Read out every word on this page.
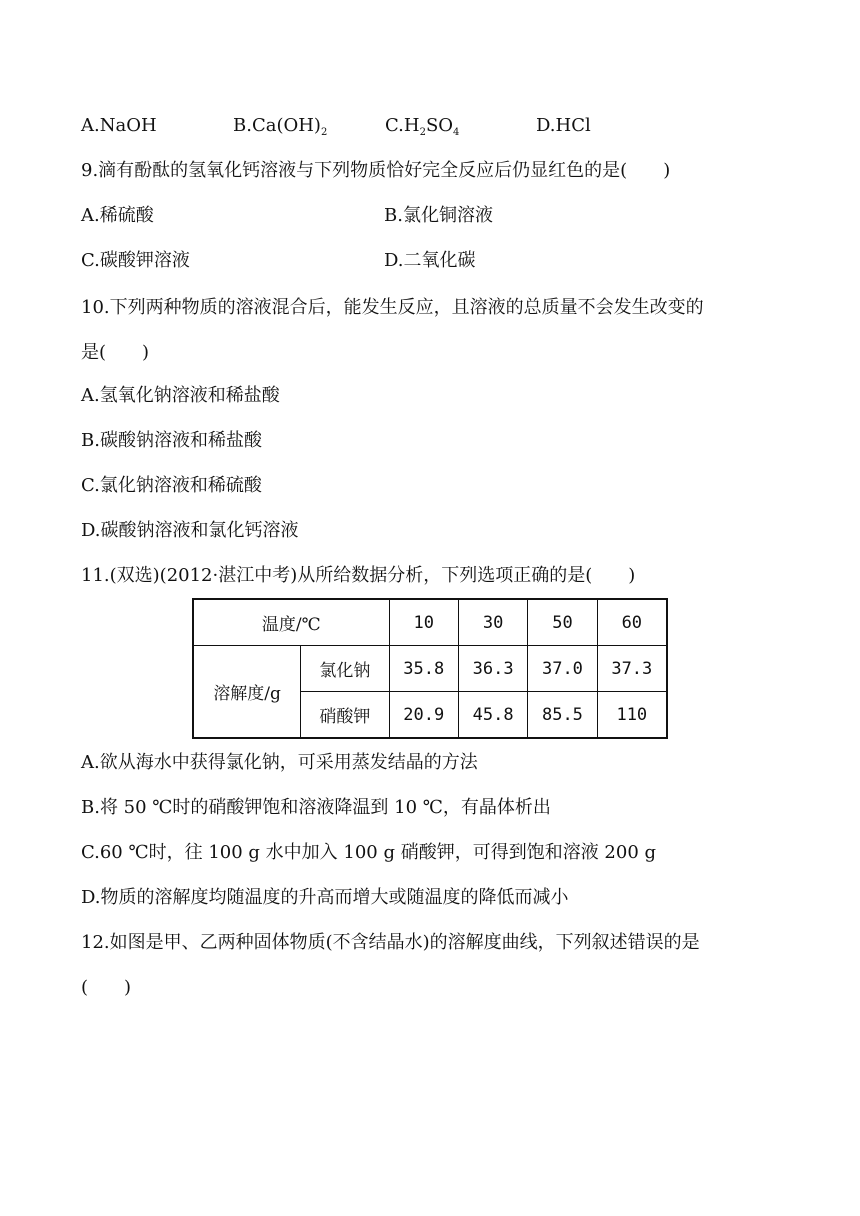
A.NaOH	$B.Ca(OH)_2$	$C.H_2SO_4$	D.HCl
9.滴有酚酞的氢氧化钙溶液与下列物质恰好完全反应后仍显红色的是(　　)
A.稀硫酸	B.氯化铜溶液
C.碳酸钾溶液	D.二氧化碳
10.下列两种物质的溶液混合后，能发生反应，且溶液的总质量不会发生改变的
是(　　)
A.氢氧化钠溶液和稀盐酸
B.碳酸钠溶液和稀盐酸
C.氯化钠溶液和稀硫酸
D.碳酸钠溶液和氯化钙溶液
11.(双选)(2012·湛江中考)从所给数据分析，下列选项正确的是(　　)
温度/℃		10	30	50	60
溶解度/g	氯化钠	35.8	36.3	37.0	37.3
	硝酸钾	20.9	45.8	85.5	110
A.欲从海水中获得氯化钠，可采用蒸发结晶的方法
B.将 50 ℃时的硝酸钾饱和溶液降温到 10 ℃，有晶体析出
C.60 ℃时，往 100 g 水中加入 100 g 硝酸钾，可得到饱和溶液 200 g
D.物质的溶解度均随温度的升高而增大或随温度的降低而减小
12.如图是甲、乙两种固体物质(不含结晶水)的溶解度曲线，下列叙述错误的是
(　　)
